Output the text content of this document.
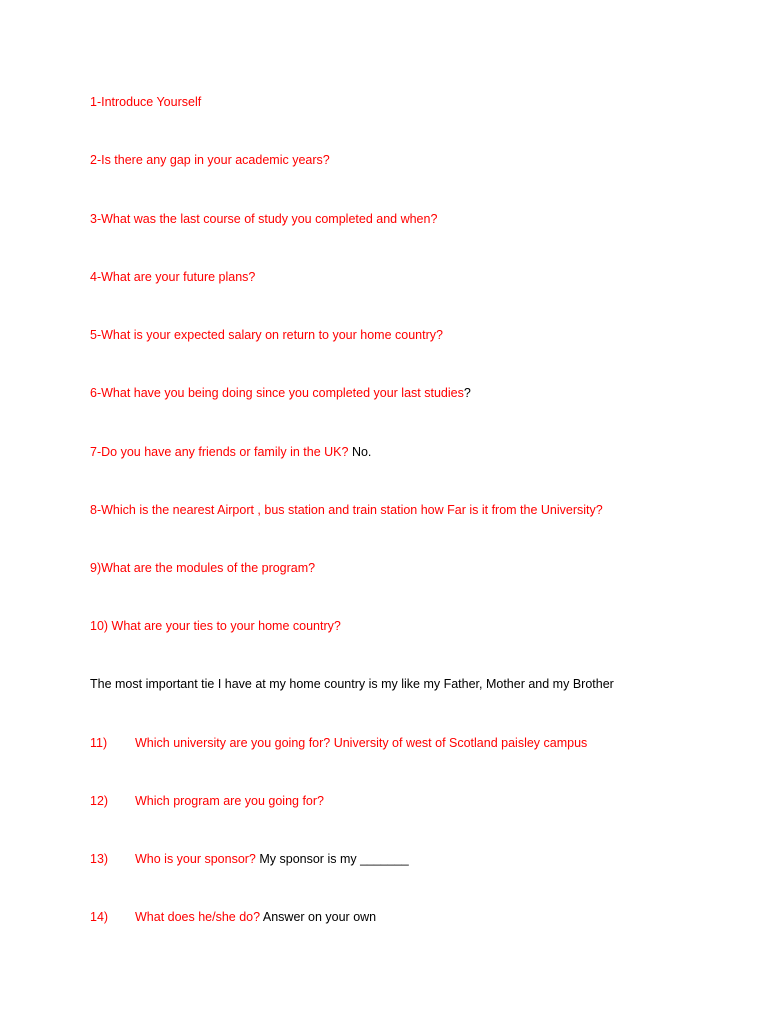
1-Introduce Yourself
2-Is there any gap in your academic years?
3-What was the last course of study you completed and when?
4-What are your future plans?
5-What is your expected salary on return to your home country?
6-What have you being doing since you completed your last studies?
7-Do you have any friends or family in the UK? No.
8-Which is the nearest Airport , bus station and train station how Far is it from the University?
9)What are the modules of the program?
10) What are your ties to your home country?
The most important tie I have at my home country is my like my Father, Mother and my Brother
11) Which university are you going for? University of west of Scotland paisley campus
12) Which program are you going for?
13) Who is your sponsor? My sponsor is my _______
14) What does he/she do? Answer on your own
